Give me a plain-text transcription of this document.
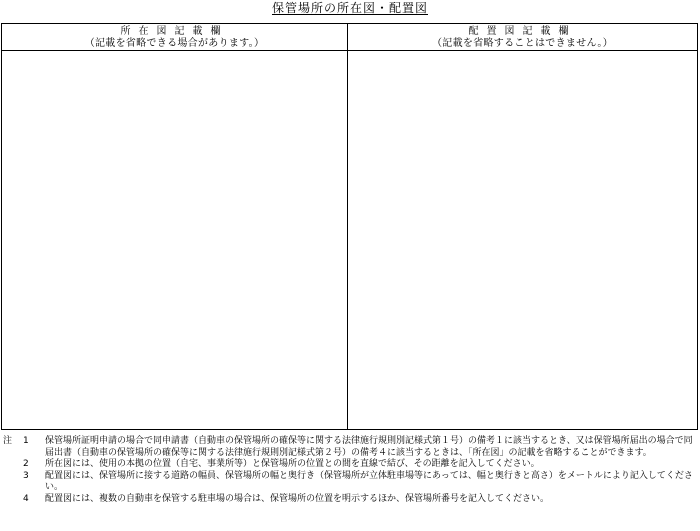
保管場所の所在図・配置図
所在図記載欄
（記載を省略できる場合があります。）
配置図記載欄
（記載を省略することはできません。）
注	1	保管場所証明申請の場合で同申請書（自動車の保管場所の確保等に関する法律施行規則別記様式第１号）の備考１に該当するとき、又は保管場所届出の場合で同届出書（自動車の保管場所の確保等に関する法律施行規則別記様式第２号）の備考４に該当するときは、「所在図」の記載を省略することができます。
2	所在図には、使用の本拠の位置（自宅、事業所等）と保管場所の位置との間を直線で結び、その距離を記入してください。
3	配置図には、保管場所に接する道路の幅員、保管場所の幅と奥行き（保管場所が立体駐車場等にあっては、幅と奥行きと高さ）をメートルにより記入してください。
4	配置図には、複数の自動車を保管する駐車場の場合は、保管場所の位置を明示するほか、保管場所番号を記入してください。
